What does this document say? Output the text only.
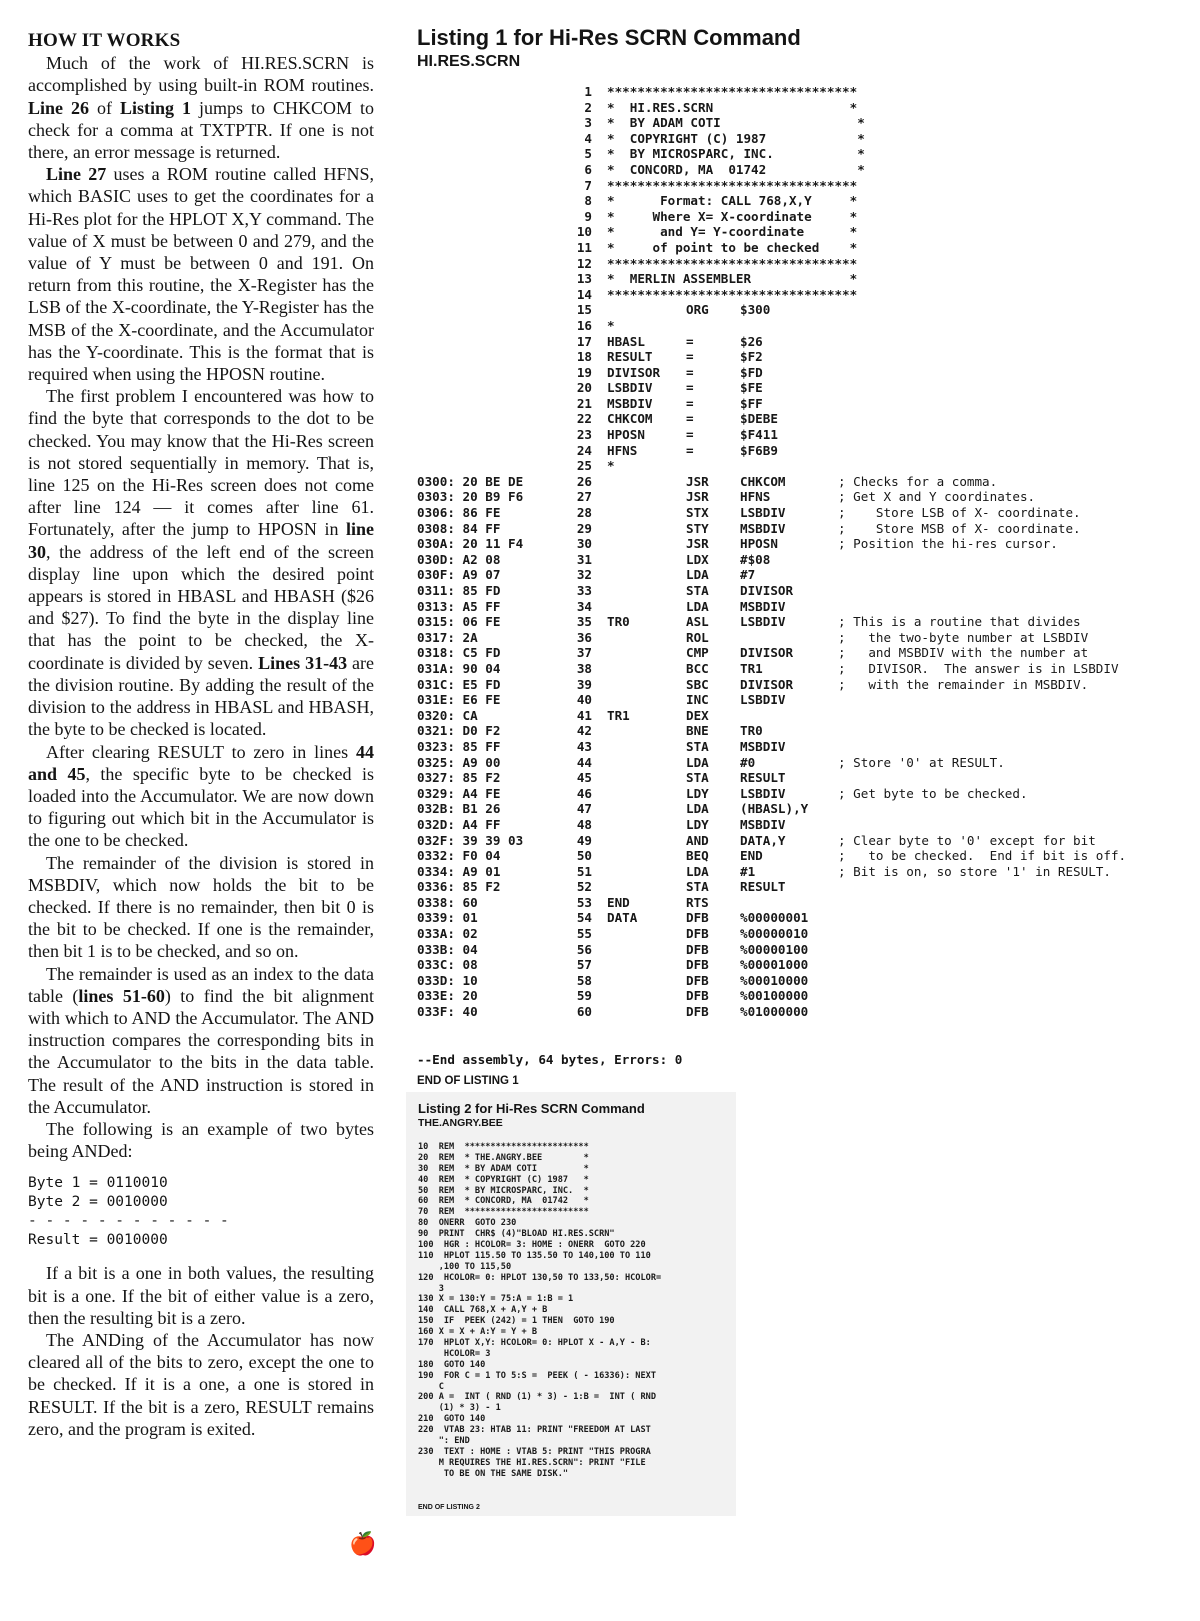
HOW IT WORKS

Much of the work of HI.RES.SCRN is accomplished by using built-in ROM routines. Line 26 of Listing 1 jumps to CHKCOM to check for a comma at TXTPTR. If one is not there, an error message is returned.

Line 27 uses a ROM routine called HFNS, which BASIC uses to get the coordinates for a Hi-Res plot for the HPLOT X,Y command. The value of X must be between 0 and 279, and the value of Y must be between 0 and 191. On return from this routine, the X-Register has the LSB of the X-coordinate, the Y-Register has the MSB of the X-coordinate, and the Accumulator has the Y-coordinate. This is the format that is required when using the HPOSN routine.

The first problem I encountered was how to find the byte that corresponds to the dot to be checked. You may know that the Hi-Res screen is not stored sequentially in memory. That is, line 125 on the Hi-Res screen does not come after line 124 — it comes after line 61. Fortunately, after the jump to HPOSN in line 30, the address of the left end of the screen display line upon which the desired point appears is stored in HBASL and HBASH ($26 and $27). To find the byte in the display line that has the point to be checked, the X-coordinate is divided by seven. Lines 31-43 are the division routine. By adding the result of the division to the address in HBASL and HBASH, the byte to be checked is located.

After clearing RESULT to zero in lines 44 and 45, the specific byte to be checked is loaded into the Accumulator. We are now down to figuring out which bit in the Accumulator is the one to be checked.

The remainder of the division is stored in MSBDIV, which now holds the bit to be checked. If there is no remainder, then bit 0 is the bit to be checked. If one is the remainder, then bit 1 is to be checked, and so on.

The remainder is used as an index to the data table (lines 51-60) to find the bit alignment with which to AND the Accumulator. The AND instruction compares the corresponding bits in the Accumulator to the bits in the data table. The result of the AND instruction is stored in the Accumulator.

The following is an example of two bytes being ANDed:

Byte 1 = 0110010
Byte 2 = 0010000
- - - - - - - - - - - -
Result = 0010000

If a bit is a one in both values, the resulting bit is a one. If the bit of either value is a zero, then the resulting bit is a zero.

The ANDing of the Accumulator has now cleared all of the bits to zero, except the one to be checked. If it is a one, a one is stored in RESULT. If the bit is a zero, RESULT remains zero, and the program is exited.

🍎
Listing 1 for Hi-Res SCRN Command
HI.RES.SCRN
1 *********************************
2 *  HI.RES.SCRN                  *
3 *  BY ADAM COTI                  *
4 *  COPYRIGHT (C) 1987            *
5 *  BY MICROSPARC, INC.           *
6 *  CONCORD, MA  01742            *
7 *********************************
8 *      Format: CALL 768,X,Y     *
9 *     Where X= X-coordinate     *
10 *      and Y= Y-coordinate      *
11 *     of point to be checked    *
12 *********************************
13 *  MERLIN ASSEMBLER             *
14 *********************************
15	ORG $300
16 *
17 HBASL	=	$26
18 RESULT	=	$F2
19 DIVISOR =	$FD
20 LSBDIV	=	$FE
21 MSBDIV	=	$FF
22 CHKCOM	=	$DEBE
23 HPOSN	=	$F411
24 HFNS	=	$F6B9
25 *
0300: 20 BE DE	26	JSR CHKCOM	; Checks for a comma.
0303: 20 B9 F6	27	JSR HFNS	; Get X and Y coordinates.
0306: 86 FE	28	STX LSBDIV	;    Store LSB of X- coordinate.
0308: 84 FF	29	STY MSBDIV	;    Store MSB of X- coordinate.
030A: 20 11 F4	30	JSR HPOSN	; Position the hi-res cursor.
030D: A2 08	31	LDX #$08
030F: A9 07	32	LDA #7
0311: 85 FD	33	STA DIVISOR
0313: A5 FF	34	LDA MSBDIV
0315: 06 FE	35 TR0	ASL LSBDIV	; This is a routine that divides
0317: 2A	36	ROL	;   the two-byte number at LSBDIV
0318: C5 FD	37	CMP DIVISOR	;   and MSBDIV with the number at
031A: 90 04	38	BCC TR1	;   DIVISOR.  The answer is in LSBDIV
031C: E5 FD	39	SBC DIVISOR	;   with the remainder in MSBDIV.
031E: E6 FE	40	INC LSBDIV
0320: CA	41 TR1	DEX
0321: D0 F2	42	BNE TR0
0323: 85 FF	43	STA MSBDIV
0325: A9 00	44	LDA #0	; Store '0' at RESULT.
0327: 85 F2	45	STA RESULT
0329: A4 FE	46	LDY LSBDIV	; Get byte to be checked.
032B: B1 26	47	LDA (HBASL),Y
032D: A4 FF	48	LDY MSBDIV
032F: 39 39 03	49	AND DATA,Y	; Clear byte to '0' except for bit
0332: F0 04	50	BEQ END	;   to be checked.  End if bit is off.
0334: A9 01	51	LDA #1	; Bit is on, so store '1' in RESULT.
0336: 85 F2	52	STA RESULT
0338: 60	53 END	RTS
0339: 01	54 DATA	DFB %00000001
033A: 02	55	DFB %00000010
033B: 04	56	DFB %00000100
033C: 08	57	DFB %00001000
033D: 10	58	DFB %00010000
033E: 20	59	DFB %00100000
033F: 40	60	DFB %01000000
--End assembly, 64 bytes, Errors: 0
END OF LISTING 1
Listing 2 for Hi-Res SCRN Command
THE.ANGRY.BEE
10  REM  ************************
20  REM  * THE.ANGRY.BEE        *
30  REM  * BY ADAM COTI         *
40  REM  * COPYRIGHT (C) 1987   *
50  REM  * BY MICROSPARC, INC.  *
60  REM  * CONCORD, MA  01742   *
70  REM  ************************
80  ONERR  GOTO 230
90  PRINT  CHR$ (4)"BLOAD HI.RES.SCRN"
100  HGR : HCOLOR= 3: HOME : ONERR  GOTO 220
110  HPLOT 115.50 TO 135.50 TO 140,100 TO 110
,100 TO 115,50
120  HCOLOR= 0: HPLOT 130,50 TO 133,50: HCOLOR=
3
130 X = 130:Y = 75:A = 1:B = 1
140  CALL 768,X + A,Y + B
150  IF  PEEK (242) = 1 THEN  GOTO 190
160 X = X + A:Y = Y + B
170  HPLOT X,Y: HCOLOR= 0: HPLOT X - A,Y - B:
HCOLOR= 3
180  GOTO 140
190  FOR C = 1 TO 5:S =  PEEK ( - 16336): NEXT
C
200 A =  INT ( RND (1) * 3) - 1:B =  INT ( RND
(1) * 3) - 1
210  GOTO 140
220  VTAB 23: HTAB 11: PRINT "FREEDOM AT LAST
": END
230  TEXT : HOME : VTAB 5: PRINT "THIS PROGRA
M REQUIRES THE HI.RES.SCRN": PRINT "FILE
TO BE ON THE SAME DISK."
END OF LISTING 2
